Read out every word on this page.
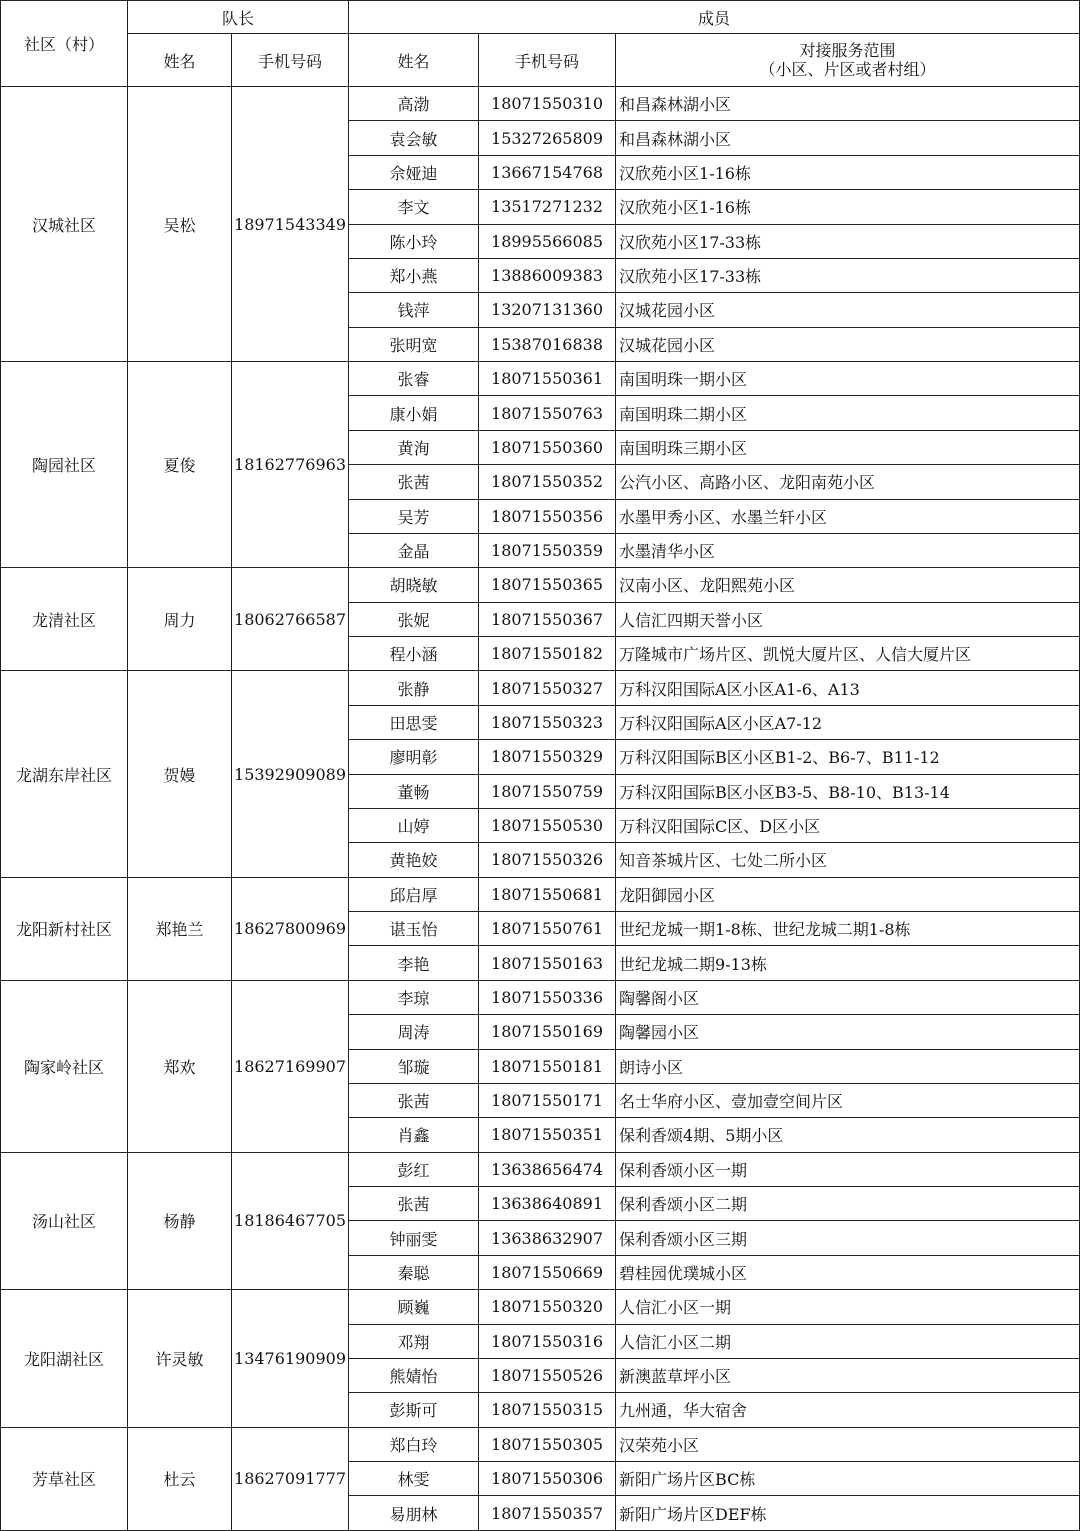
社区（村）	队长		成员		
	姓名	手机号码	姓名	手机号码	对接服务范围
（小区、片区或者村组）

汉城社区	吴松	18971543349	高渤	18071550310	和昌森林湖小区
			袁会敏	15327265809	和昌森林湖小区
			佘娅迪	13667154768	汉欣苑小区1-16栋
			李文	13517271232	汉欣苑小区1-16栋
			陈小玲	18995566085	汉欣苑小区17-33栋
			郑小燕	13886009383	汉欣苑小区17-33栋
			钱萍	13207131360	汉城花园小区
			张明宽	15387016838	汉城花园小区
陶园社区	夏俊	18162776963	张睿	18071550361	南国明珠一期小区
			康小娟	18071550763	南国明珠二期小区
			黄洵	18071550360	南国明珠三期小区
			张茜	18071550352	公汽小区、高路小区、龙阳南苑小区
			吴芳	18071550356	水墨甲秀小区、水墨兰轩小区
			金晶	18071550359	水墨清华小区
龙清社区	周力	18062766587	胡晓敏	18071550365	汉南小区、龙阳熙苑小区
			张妮	18071550367	人信汇四期天誉小区
			程小涵	18071550182	万隆城市广场片区、凯悦大厦片区、人信大厦片区
龙湖东岸社区	贺嫚	15392909089	张静	18071550327	万科汉阳国际A区小区A1-6、A13
			田思雯	18071550323	万科汉阳国际A区小区A7-12
			廖明彰	18071550329	万科汉阳国际B区小区B1-2、B6-7、B11-12
			董畅	18071550759	万科汉阳国际B区小区B3-5、B8-10、B13-14
			山婷	18071550530	万科汉阳国际C区、D区小区
			黄艳姣	18071550326	知音茶城片区、七处二所小区
龙阳新村社区	郑艳兰	18627800969	邱启厚	18071550681	龙阳御园小区
			谌玉怡	18071550761	世纪龙城一期1-8栋、世纪龙城二期1-8栋
			李艳	18071550163	世纪龙城二期9-13栋
陶家岭社区	郑欢	18627169907	李琼	18071550336	陶馨阁小区
			周涛	18071550169	陶馨园小区
			邹璇	18071550181	朗诗小区
			张茜	18071550171	名士华府小区、壹加壹空间片区
			肖鑫	18071550351	保利香颂4期、5期小区
汤山社区	杨静	18186467705	彭红	13638656474	保利香颂小区一期
			张茜	13638640891	保利香颂小区二期
			钟丽雯	13638632907	保利香颂小区三期
			秦聪	18071550669	碧桂园优璞城小区
龙阳湖社区	许灵敏	13476190909	顾巍	18071550320	人信汇小区一期
			邓翔	18071550316	人信汇小区二期
			熊婧怡	18071550526	新澳蓝草坪小区
			彭斯可	18071550315	九州通，华大宿舍
芳草社区	杜云	18627091777	郑白玲	18071550305	汉荣苑小区
			林雯	18071550306	新阳广场片区BC栋
			易朋林	18071550357	新阳广场片区DEF栋
